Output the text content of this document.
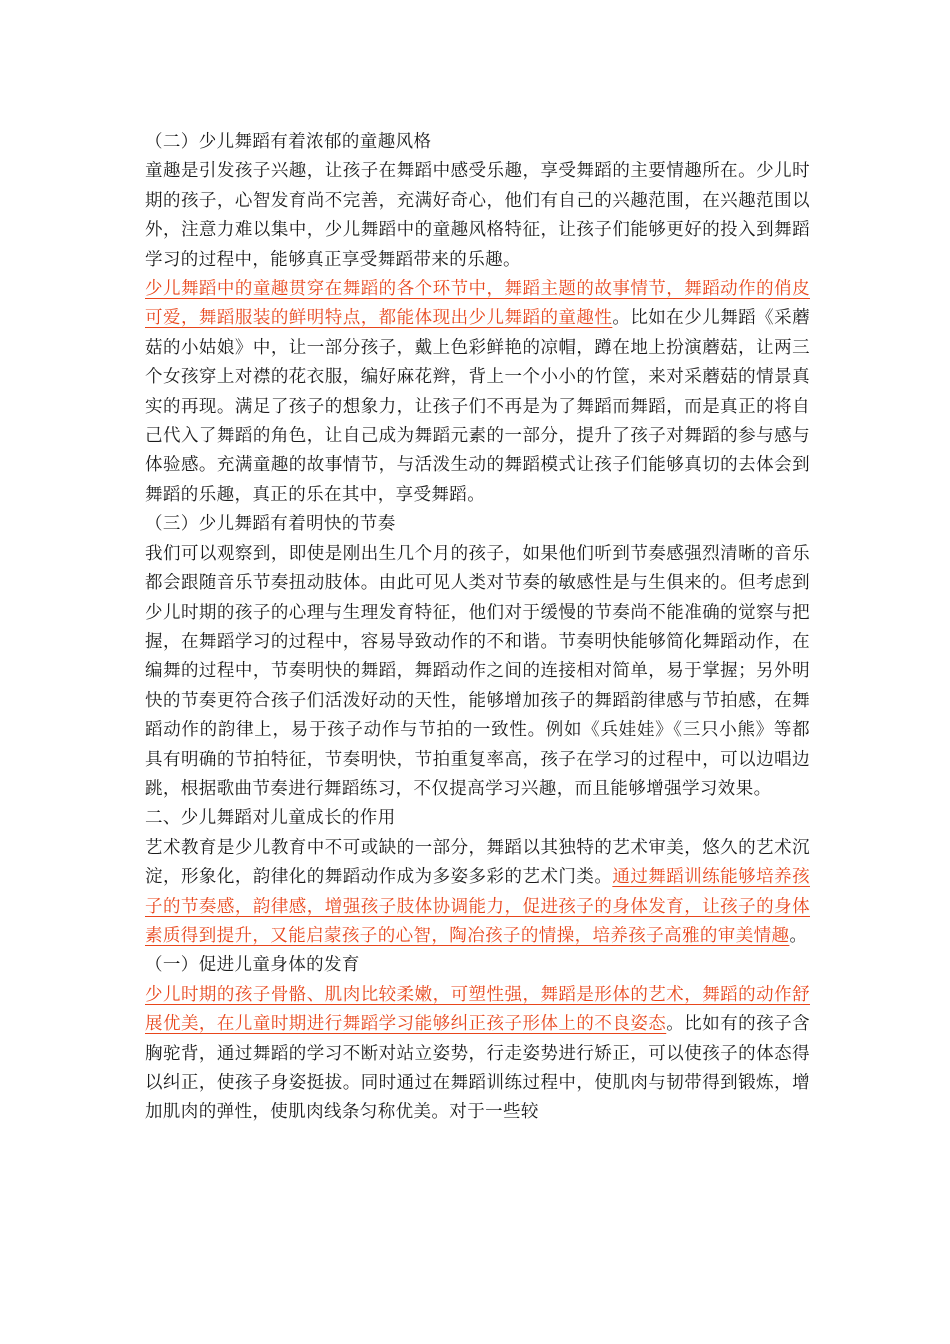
（二）少儿舞蹈有着浓郁的童趣风格

童趣是引发孩子兴趣，让孩子在舞蹈中感受乐趣，享受舞蹈的主要情趣所在。少儿时期的孩子，心智发育尚不完善，充满好奇心，他们有自己的兴趣范围，在兴趣范围以外，注意力难以集中，少儿舞蹈中的童趣风格特征，让孩子们能够更好的投入到舞蹈学习的过程中，能够真正享受舞蹈带来的乐趣。

少儿舞蹈中的童趣贯穿在舞蹈的各个环节中，舞蹈主题的故事情节，舞蹈动作的俏皮可爱，舞蹈服装的鲜明特点，都能体现出少儿舞蹈的童趣性。比如在少儿舞蹈《采蘑菇的小姑娘》中，让一部分孩子，戴上色彩鲜艳的凉帽，蹲在地上扮演蘑菇，让两三个女孩穿上对襟的花衣服，编好麻花辫，背上一个小小的竹筐，来对采蘑菇的情景真实的再现。满足了孩子的想象力，让孩子们不再是为了舞蹈而舞蹈，而是真正的将自己代入了舞蹈的角色，让自己成为舞蹈元素的一部分，提升了孩子对舞蹈的参与感与体验感。充满童趣的故事情节，与活泼生动的舞蹈模式让孩子们能够真切的去体会到舞蹈的乐趣，真正的乐在其中，享受舞蹈。

（三）少儿舞蹈有着明快的节奏

我们可以观察到，即使是刚出生几个月的孩子，如果他们听到节奏感强烈清晰的音乐都会跟随音乐节奏扭动肢体。由此可见人类对节奏的敏感性是与生俱来的。但考虑到少儿时期的孩子的心理与生理发育特征，他们对于缓慢的节奏尚不能准确的觉察与把握，在舞蹈学习的过程中，容易导致动作的不和谐。节奏明快能够简化舞蹈动作，在编舞的过程中，节奏明快的舞蹈，舞蹈动作之间的连接相对简单，易于掌握；另外明快的节奏更符合孩子们活泼好动的天性，能够增加孩子的舞蹈韵律感与节拍感，在舞蹈动作的韵律上，易于孩子动作与节拍的一致性。例如《兵娃娃》《三只小熊》等都具有明确的节拍特征，节奏明快，节拍重复率高，孩子在学习的过程中，可以边唱边跳，根据歌曲节奏进行舞蹈练习，不仅提高学习兴趣，而且能够增强学习效果。

二、少儿舞蹈对儿童成长的作用

艺术教育是少儿教育中不可或缺的一部分，舞蹈以其独特的艺术审美，悠久的艺术沉淀，形象化，韵律化的舞蹈动作成为多姿多彩的艺术门类。通过舞蹈训练能够培养孩子的节奏感，韵律感，增强孩子肢体协调能力，促进孩子的身体发育，让孩子的身体素质得到提升，又能启蒙孩子的心智，陶冶孩子的情操，培养孩子高雅的审美情趣。

（一）促进儿童身体的发育

少儿时期的孩子骨骼、肌肉比较柔嫩，可塑性强，舞蹈是形体的艺术，舞蹈的动作舒展优美，在儿童时期进行舞蹈学习能够纠正孩子形体上的不良姿态。比如有的孩子含胸驼背，通过舞蹈的学习不断对站立姿势，行走姿势进行矫正，可以使孩子的体态得以纠正，使孩子身姿挺拔。同时通过在舞蹈训练过程中，使肌肉与韧带得到锻炼，增加肌肉的弹性，使肌肉线条匀称优美。对于一些较
